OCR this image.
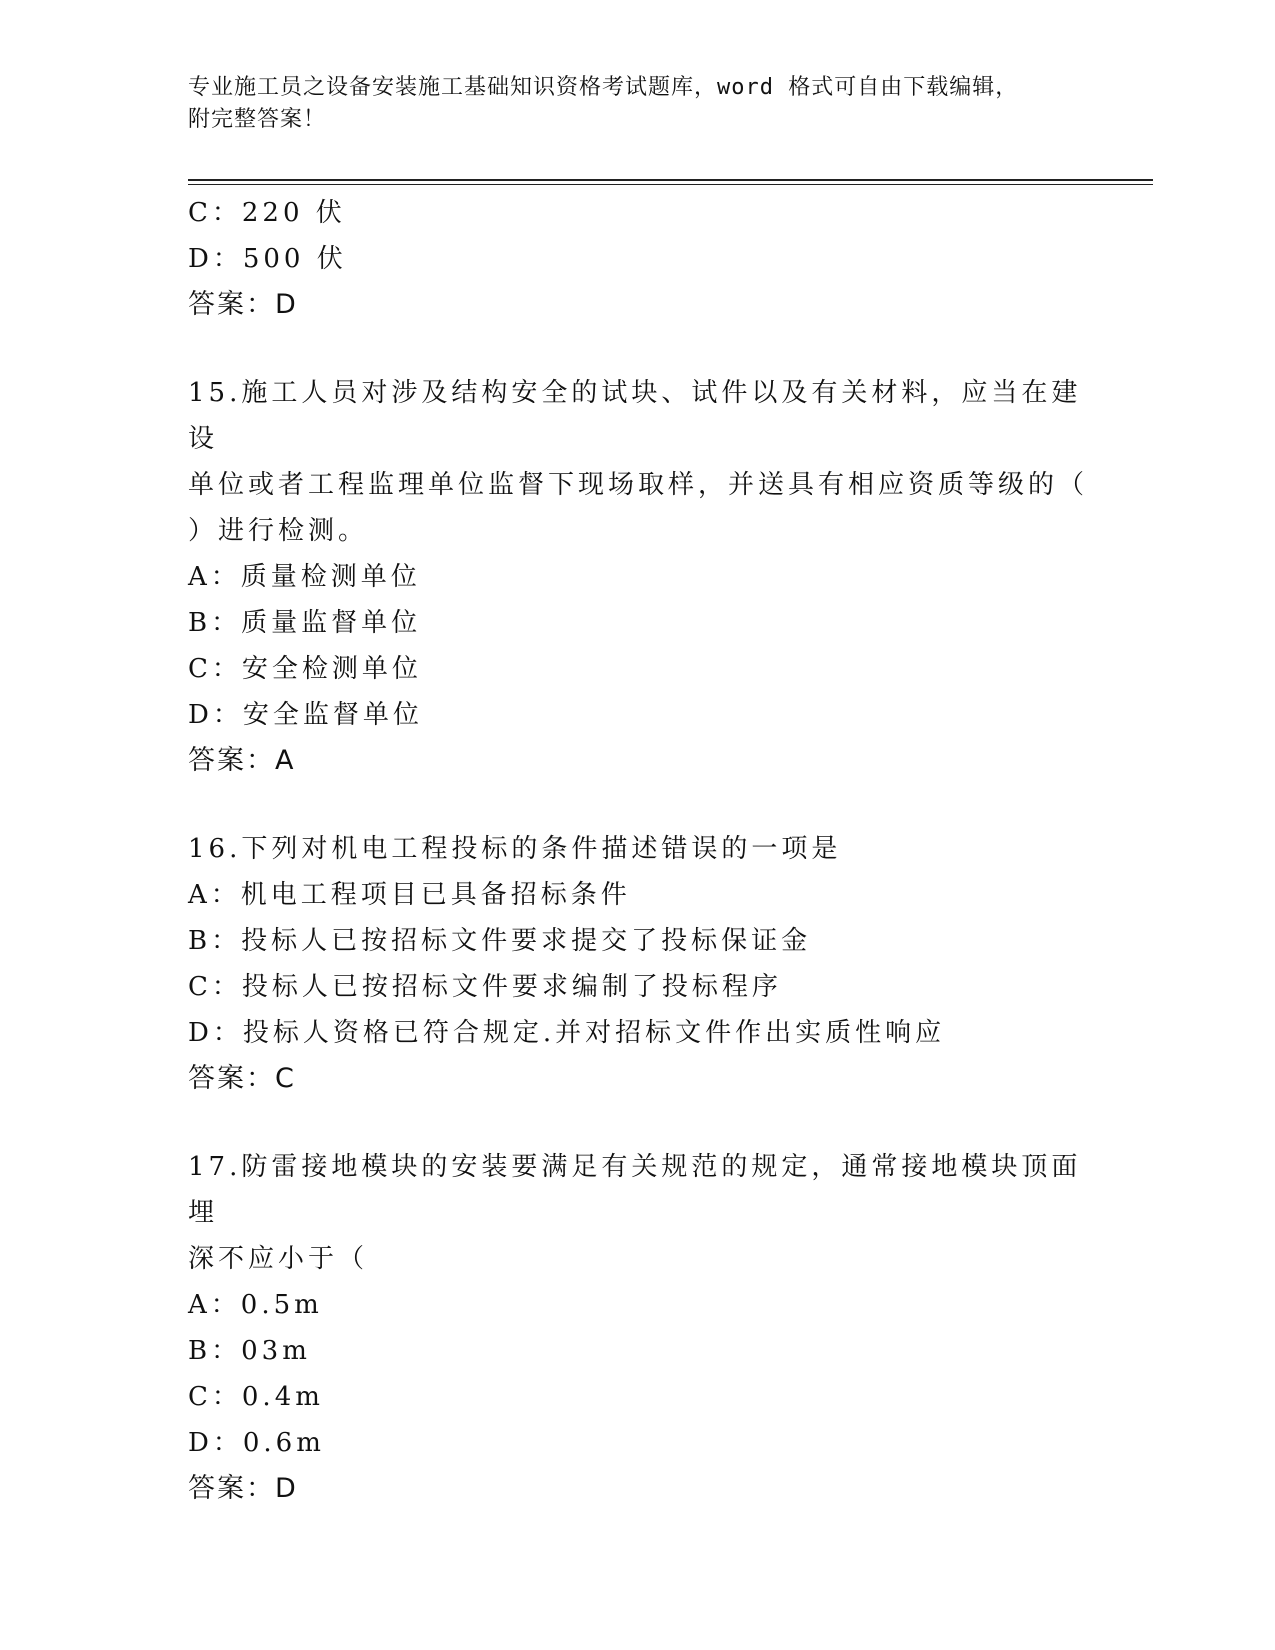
专业施工员之设备安装施工基础知识资格考试题库，word 格式可自由下载编辑，
附完整答案！
C：220 伏
D：500 伏
答案：D
15.施工人员对涉及结构安全的试块、试件以及有关材料，应当在建设
单位或者工程监理单位监督下现场取样，并送具有相应资质等级的（
）进行检测。
A：质量检测单位
B：质量监督单位
C：安全检测单位
D：安全监督单位
答案：A
16.下列对机电工程投标的条件描述错误的一项是
A：机电工程项目已具备招标条件
B：投标人已按招标文件要求提交了投标保证金
C：投标人已按招标文件要求编制了投标程序
D：投标人资格已符合规定.并对招标文件作出实质性响应
答案：C
17.防雷接地模块的安装要满足有关规范的规定，通常接地模块顶面埋
深不应小于（
A：0.5m
B：03m
C：0.4m
D：0.6m
答案：D
